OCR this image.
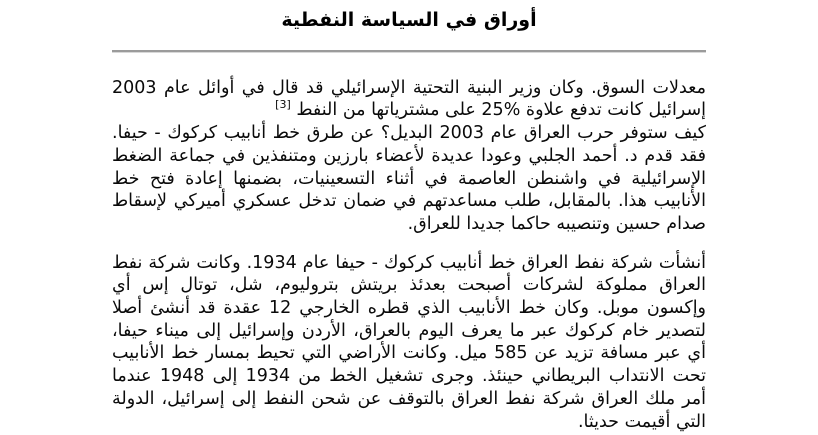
أوراق في السياسة النفطية

معدلات السوق. وكان وزير البنية التحتية الإسرائيلي قد قال في أوائل عام 2003 إسرائيل كانت تدفع علاوة %25 على مشترياتها من النفط [3]

كيف ستوفر حرب العراق عام 2003 البديل؟ عن طرق خط أنابيب كركوك - حيفا. فقد قدم د. أحمد الجلبي وعودا عديدة لأعضاء بارزين ومتنفذين في جماعة الضغط الإسرائيلية في واشنطن العاصمة في أثناء التسعينيات، بضمنها إعادة فتح خط الأنابيب هذا. بالمقابل، طلب مساعدتهم في ضمان تدخل عسكري أميركي لإسقاط صدام حسين وتنصيبه حاكما جديدا للعراق.

أنشأت شركة نفط العراق خط أنابيب كركوك - حيفا عام 1934. وكانت شركة نفط العراق مملوكة لشركات أصبحت بعدئذ بريتش بتروليوم، شل، توتال إس أي وإكسون موبل. وكان خط الأنابيب الذي قطره الخارجي 12 عقدة قد أنشئ أصلا لتصدير خام كركوك عبر ما يعرف اليوم بالعراق، الأردن وإسرائيل إلى ميناء حيفا، أي عبر مسافة تزيد عن 585 ميل. وكانت الأراضي التي تحيط بمسار خط الأنابيب تحت الانتداب البريطاني حينئذ. وجرى تشغيل الخط من 1934 إلى 1948 عندما أمر ملك العراق شركة نفط العراق بالتوقف عن شحن النفط إلى إسرائيل، الدولة التي أقيمت حديثا.
